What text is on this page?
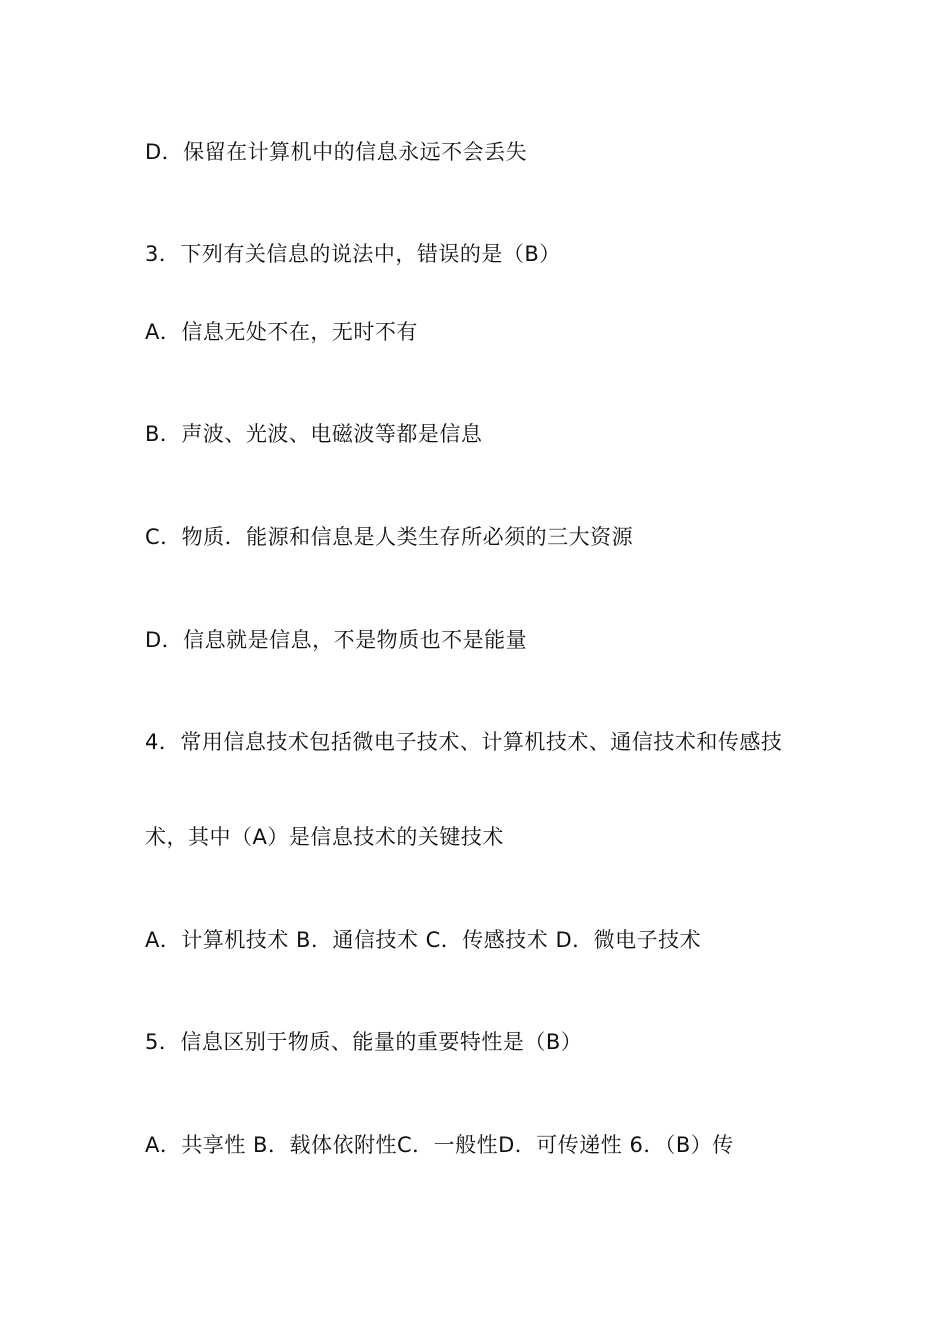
D．保留在计算机中的信息永远不会丢失
3．下列有关信息的说法中，错误的是（B）
A．信息无处不在，无时不有
B．声波、光波、电磁波等都是信息
C．物质．能源和信息是人类生存所必须的三大资源
D．信息就是信息，不是物质也不是能量
4．常用信息技术包括微电子技术、计算机技术、通信技术和传感技
术，其中（A）是信息技术的关键技术
A．计算机技术 B．通信技术 C．传感技术 D．微电子技术
5．信息区别于物质、能量的重要特性是（B）
A．共享性 B．载体依附性C．一般性D．可传递性 6．（B）传
